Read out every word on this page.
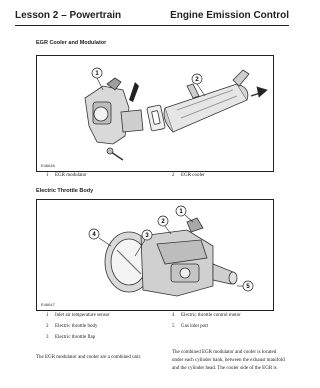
Lesson 2 – Powertrain	Engine Emission Control
EGR Cooler and Modulator
1
2
E46646
1 EGR modulator	2 EGR cooler
Electric Throttle Body
1
2
3
4
5
E46647
1 Inlet air temperature sensor
2 Electric throttle body
3 Electric throttle flap
4 Electric throttle control motor
5 Gas inlet port
The EGR modulator and cooler are a combined unit.
The combined EGR modulator and cooler is located
under each cylinder bank, between the exhaust manifold
and the cylinder head. The cooler side of the EGR is
